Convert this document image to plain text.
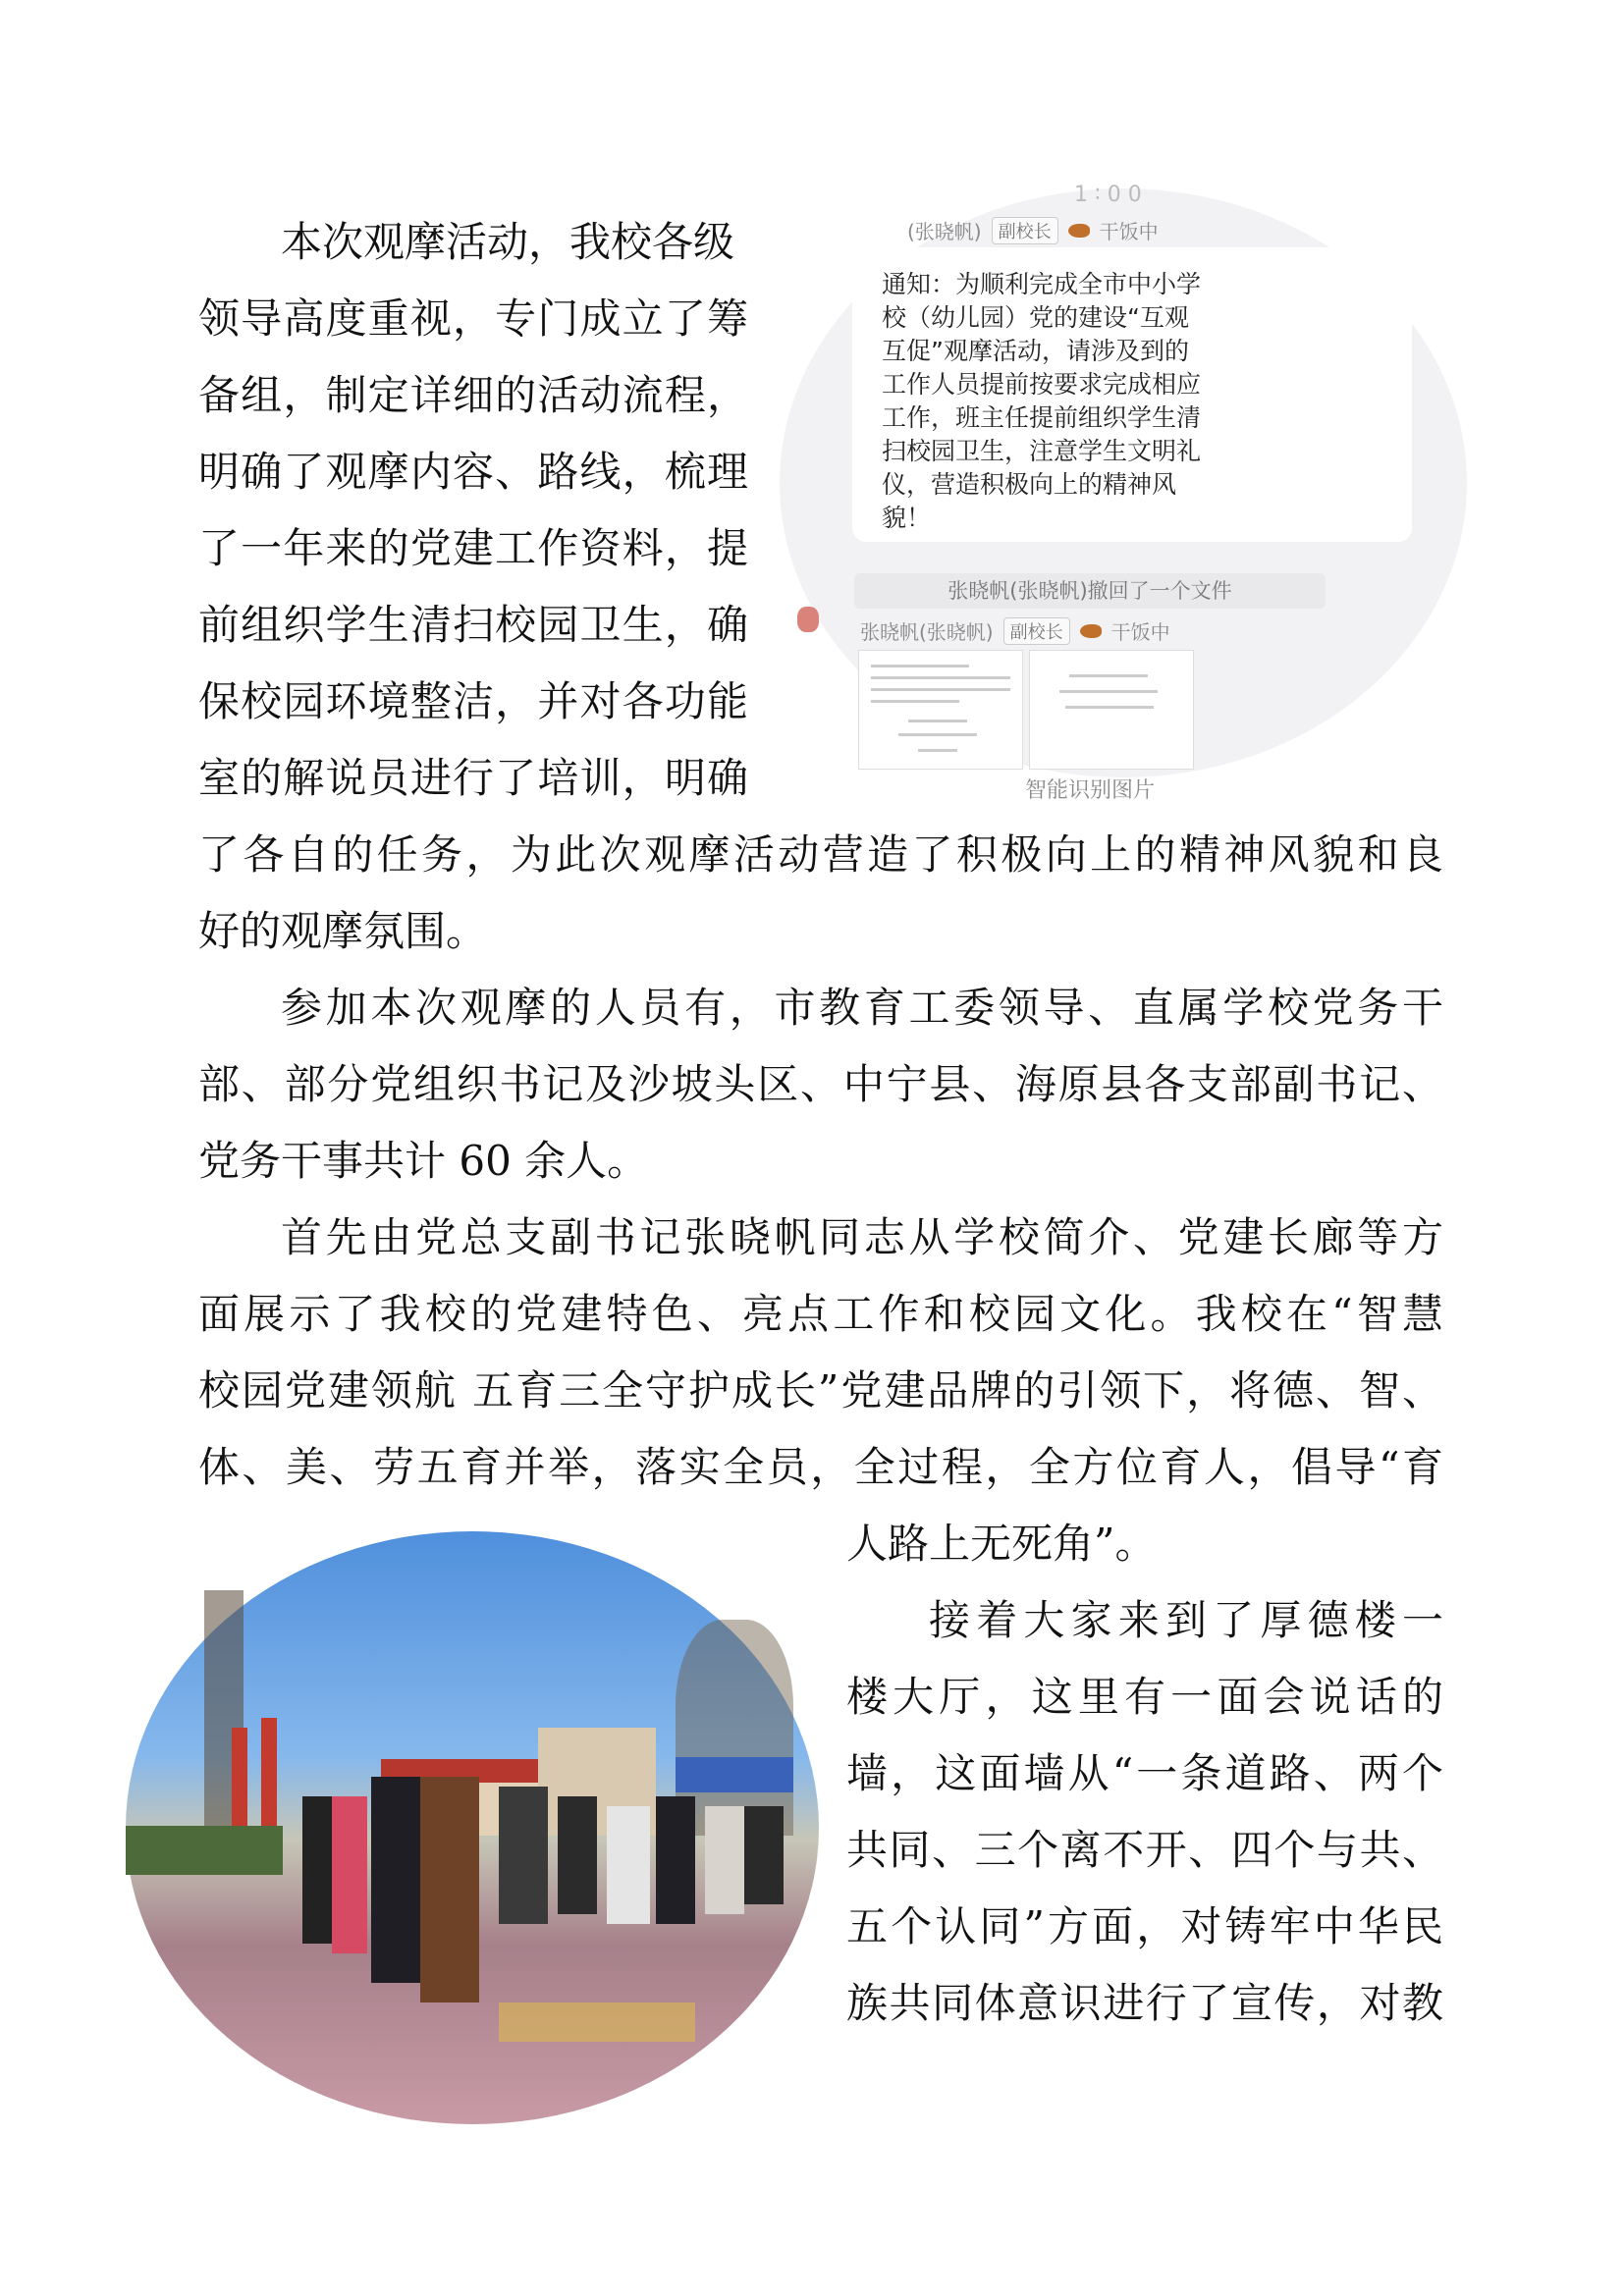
本次观摩活动，我校各级
领导高度重视，专门成立了筹
备组，制定详细的活动流程，
明确了观摩内容、路线，梳理
了一年来的党建工作资料，提
前组织学生清扫校园卫生，确
保校园环境整洁，并对各功能
室的解说员进行了培训，明确
1 ∶ 0 0
(张晓帆) 副校长	干饭中
通知：为顺利完成全市中小学
校（幼儿园）党的建设“互观
互促”观摩活动，请涉及到的
工作人员提前按要求完成相应
工作，班主任提前组织学生清
扫校园卫生，注意学生文明礼
仪，营造积极向上的精神风
貌！
张晓帆(张晓帆)撤回了一个文件
张晓帆(张晓帆) 副校长	干饭中
智能识别图片
了各自的任务，为此次观摩活动营造了积极向上的精神风貌和良
好的观摩氛围。
参加本次观摩的人员有，市教育工委领导、直属学校党务干
部、部分党组织书记及沙坡头区、中宁县、海原县各支部副书记、
党务干事共计 60 余人。
首先由党总支副书记张晓帆同志从学校简介、党建长廊等方
面展示了我校的党建特色、亮点工作和校园文化。我校在“智慧
校园党建领航 五育三全守护成长”党建品牌的引领下，将德、智、
体、美、劳五育并举，落实全员，全过程，全方位育人，倡导“育
人路上无死角”。
接着大家来到了厚德楼一
楼大厅，这里有一面会说话的
墙，这面墙从“一条道路、两个
共同、三个离不开、四个与共、
五个认同”方面，对铸牢中华民
族共同体意识进行了宣传，对教
